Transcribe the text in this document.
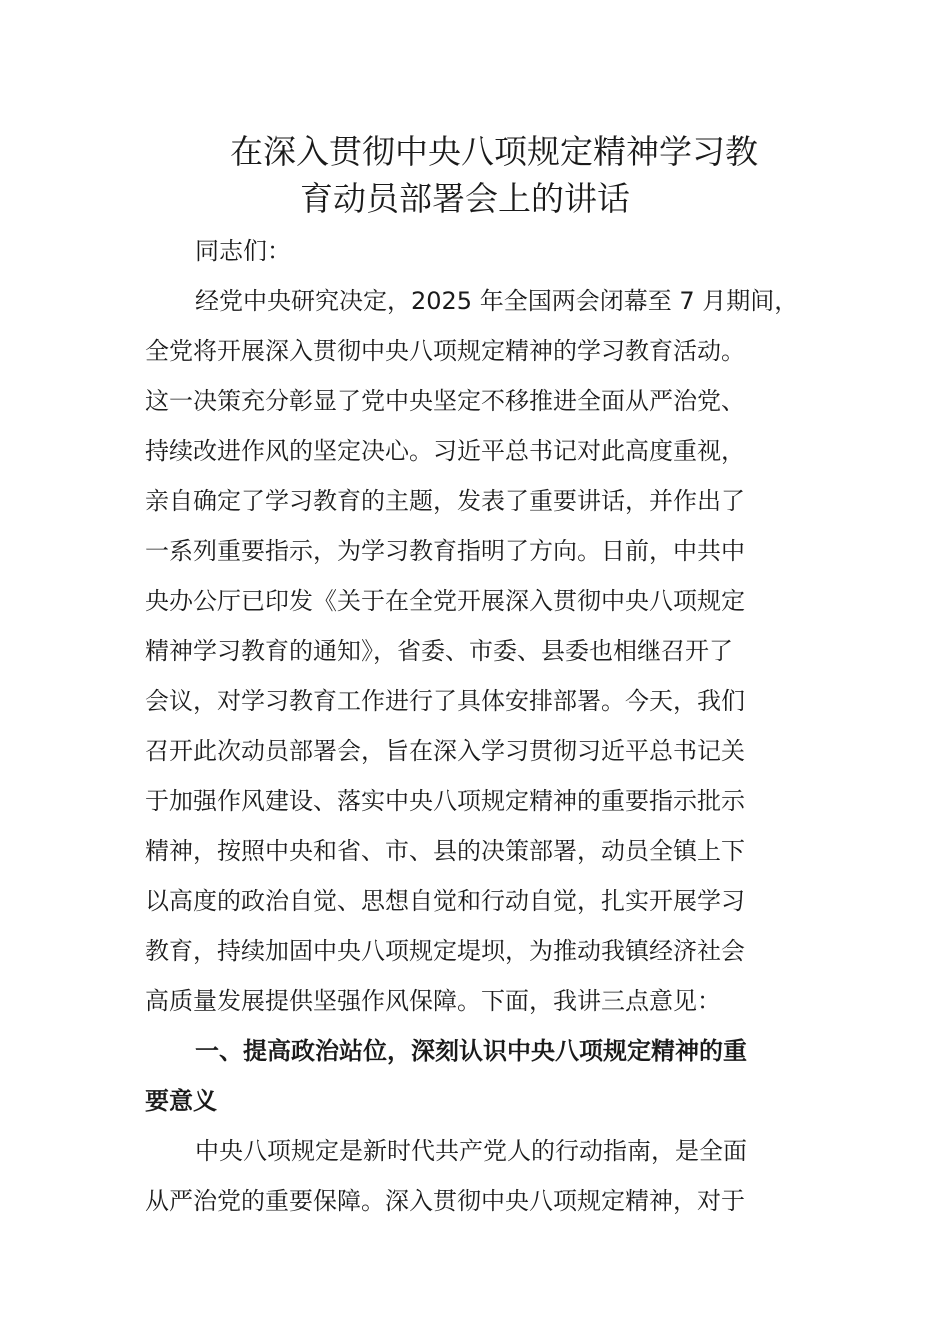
在深入贯彻中央八项规定精神学习教
育动员部署会上的讲话
同志们：
经党中央研究决定，2025 年全国两会闭幕至 7 月期间，
全党将开展深入贯彻中央八项规定精神的学习教育活动。
这一决策充分彰显了党中央坚定不移推进全面从严治党、
持续改进作风的坚定决心。习近平总书记对此高度重视，
亲自确定了学习教育的主题，发表了重要讲话，并作出了
一系列重要指示，为学习教育指明了方向。日前，中共中
央办公厅已印发《关于在全党开展深入贯彻中央八项规定
精神学习教育的通知》，省委、市委、县委也相继召开了
会议，对学习教育工作进行了具体安排部署。今天，我们
召开此次动员部署会，旨在深入学习贯彻习近平总书记关
于加强作风建设、落实中央八项规定精神的重要指示批示
精神，按照中央和省、市、县的决策部署，动员全镇上下
以高度的政治自觉、思想自觉和行动自觉，扎实开展学习
教育，持续加固中央八项规定堤坝，为推动我镇经济社会
高质量发展提供坚强作风保障。下面，我讲三点意见：
一、提高政治站位，深刻认识中央八项规定精神的重
要意义
中央八项规定是新时代共产党人的行动指南，是全面
从严治党的重要保障。深入贯彻中央八项规定精神，对于
